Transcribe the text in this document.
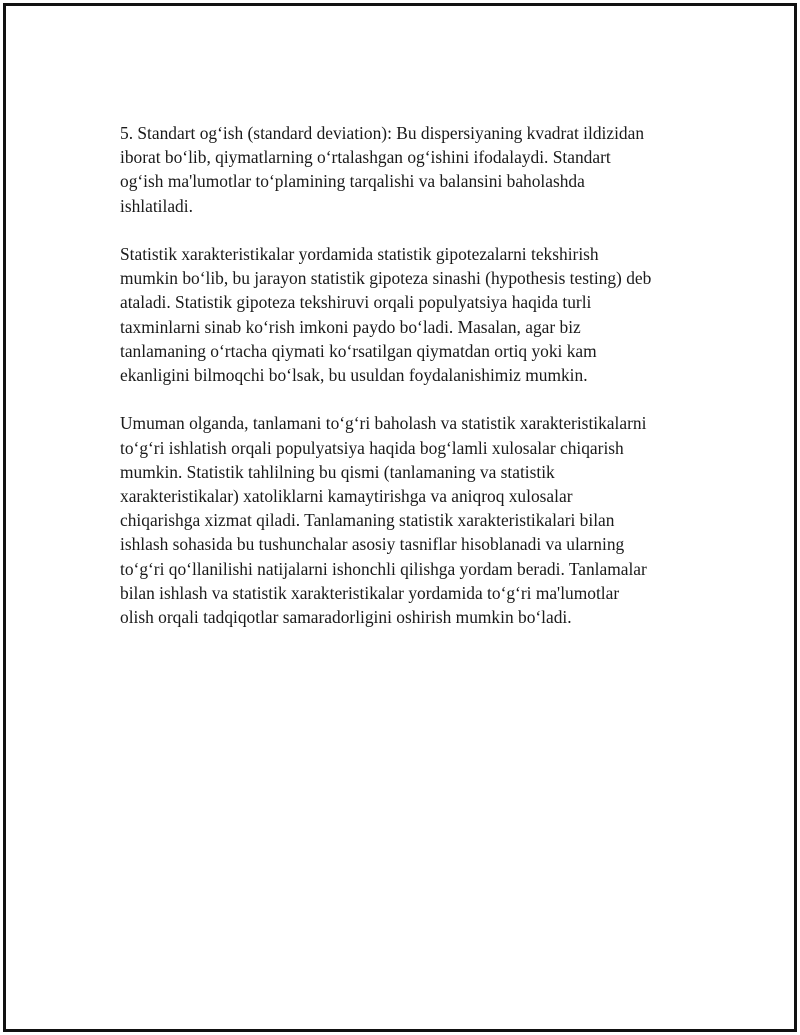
5. Standart og‘ish (standard deviation): Bu dispersiyaning kvadrat ildizidan
iborat bo‘lib, qiymatlarning o‘rtalashgan og‘ishini ifodalaydi. Standart
og‘ish ma'lumotlar to‘plamining tarqalishi va balansini baholashda
ishlatiladi.

Statistik xarakteristikalar yordamida statistik gipotezalarni tekshirish
mumkin bo‘lib, bu jarayon statistik gipoteza sinashi (hypothesis testing) deb
ataladi. Statistik gipoteza tekshiruvi orqali populyatsiya haqida turli
taxminlarni sinab ko‘rish imkoni paydo bo‘ladi. Masalan, agar biz
tanlamaning o‘rtacha qiymati ko‘rsatilgan qiymatdan ortiq yoki kam
ekanligini bilmoqchi bo‘lsak, bu usuldan foydalanishimiz mumkin.

Umuman olganda, tanlamani to‘g‘ri baholash va statistik xarakteristikalarni
to‘g‘ri ishlatish orqali populyatsiya haqida bog‘lamli xulosalar chiqarish
mumkin. Statistik tahlilning bu qismi (tanlamaning va statistik
xarakteristikalar) xatoliklarni kamaytirishga va aniqroq xulosalar
chiqarishga xizmat qiladi. Tanlamaning statistik xarakteristikalari bilan
ishlash sohasida bu tushunchalar asosiy tasniflar hisoblanadi va ularning
to‘g‘ri qo‘llanilishi natijalarni ishonchli qilishga yordam beradi. Tanlamalar
bilan ishlash va statistik xarakteristikalar yordamida to‘g‘ri ma'lumotlar
olish orqali tadqiqotlar samaradorligini oshirish mumkin bo‘ladi.
